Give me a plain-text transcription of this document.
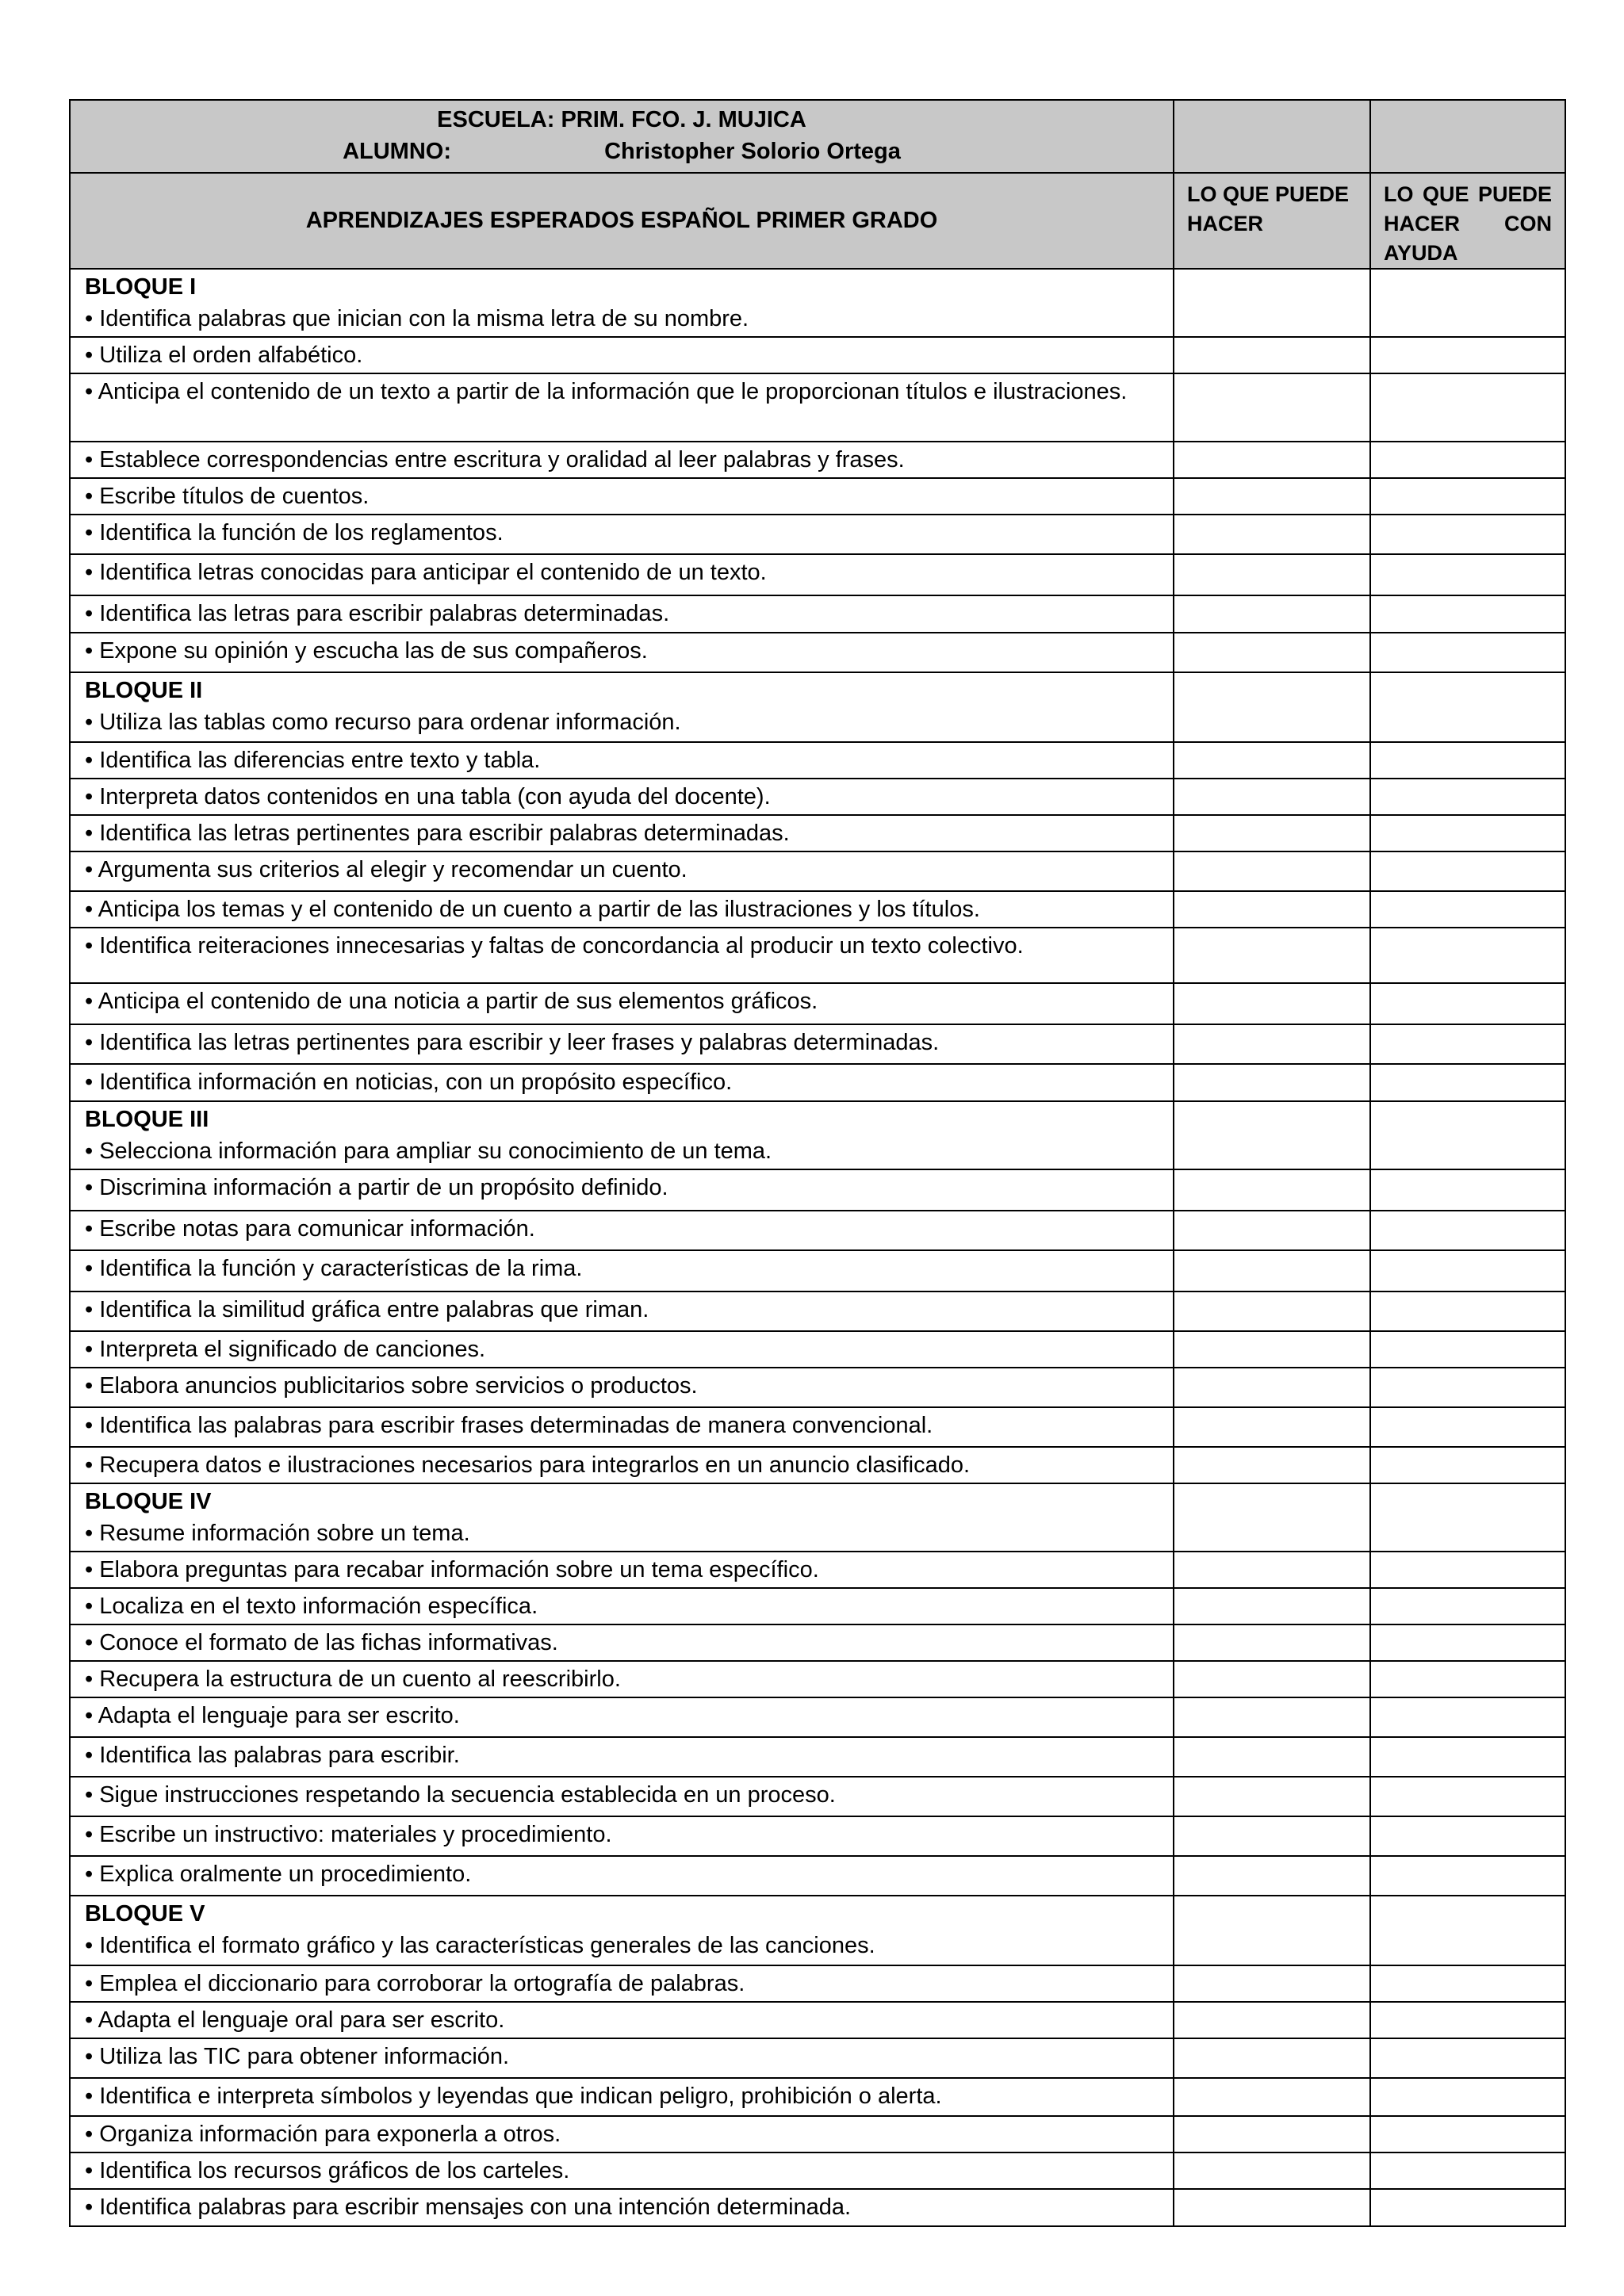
ESCUELA: PRIM. FCO. J. MUJICA
ALUMNO: Christopher Solorio Ortega		
APRENDIZAJES ESPERADOS ESPAÑOL PRIMER GRADO	LO QUE PUEDE HACER	LO QUE PUEDE HACER CON AYUDA

BLOQUE I
• Identifica palabras que inician con la misma letra de su nombre.		
• Utiliza el orden alfabético.		
• Anticipa el contenido de un texto a partir de la información que le proporcionan títulos e ilustraciones.		
• Establece correspondencias entre escritura y oralidad al leer palabras y frases.		
• Escribe títulos de cuentos.		
• Identifica la función de los reglamentos.		
• Identifica letras conocidas para anticipar el contenido de un texto.		
• Identifica las letras para escribir palabras determinadas.		
• Expone su opinión y escucha las de sus compañeros.		

BLOQUE II
• Utiliza las tablas como recurso para ordenar información.		
• Identifica las diferencias entre texto y tabla.		
• Interpreta datos contenidos en una tabla (con ayuda del docente).		
• Identifica las letras pertinentes para escribir palabras determinadas.		
• Argumenta sus criterios al elegir y recomendar un cuento.		
• Anticipa los temas y el contenido de un cuento a partir de las ilustraciones y los títulos.		
• Identifica reiteraciones innecesarias y faltas de concordancia al producir un texto colectivo.		
• Anticipa el contenido de una noticia a partir de sus elementos gráficos.		
• Identifica las letras pertinentes para escribir y leer frases y palabras determinadas.		
• Identifica información en noticias, con un propósito específico.		

BLOQUE III
• Selecciona información para ampliar su conocimiento de un tema.		
• Discrimina información a partir de un propósito definido.		
• Escribe notas para comunicar información.		
• Identifica la función y características de la rima.		
• Identifica la similitud gráfica entre palabras que riman.		
• Interpreta el significado de canciones.		
• Elabora anuncios publicitarios sobre servicios o productos.		
• Identifica las palabras para escribir frases determinadas de manera convencional.		
• Recupera datos e ilustraciones necesarios para integrarlos en un anuncio clasificado.		

BLOQUE IV
• Resume información sobre un tema.		
• Elabora preguntas para recabar información sobre un tema específico.		
• Localiza en el texto información específica.		
• Conoce el formato de las fichas informativas.		
• Recupera la estructura de un cuento al reescribirlo.		
• Adapta el lenguaje para ser escrito.		
• Identifica las palabras para escribir.		
• Sigue instrucciones respetando la secuencia establecida en un proceso.		
• Escribe un instructivo: materiales y procedimiento.		
• Explica oralmente un procedimiento.		

BLOQUE V
• Identifica el formato gráfico y las características generales de las canciones.		
• Emplea el diccionario para corroborar la ortografía de palabras.		
• Adapta el lenguaje oral para ser escrito.		
• Utiliza las TIC para obtener información.		
• Identifica e interpreta símbolos y leyendas que indican peligro, prohibición o alerta.		
• Organiza información para exponerla a otros.		
• Identifica los recursos gráficos de los carteles.		
• Identifica palabras para escribir mensajes con una intención determinada.		
